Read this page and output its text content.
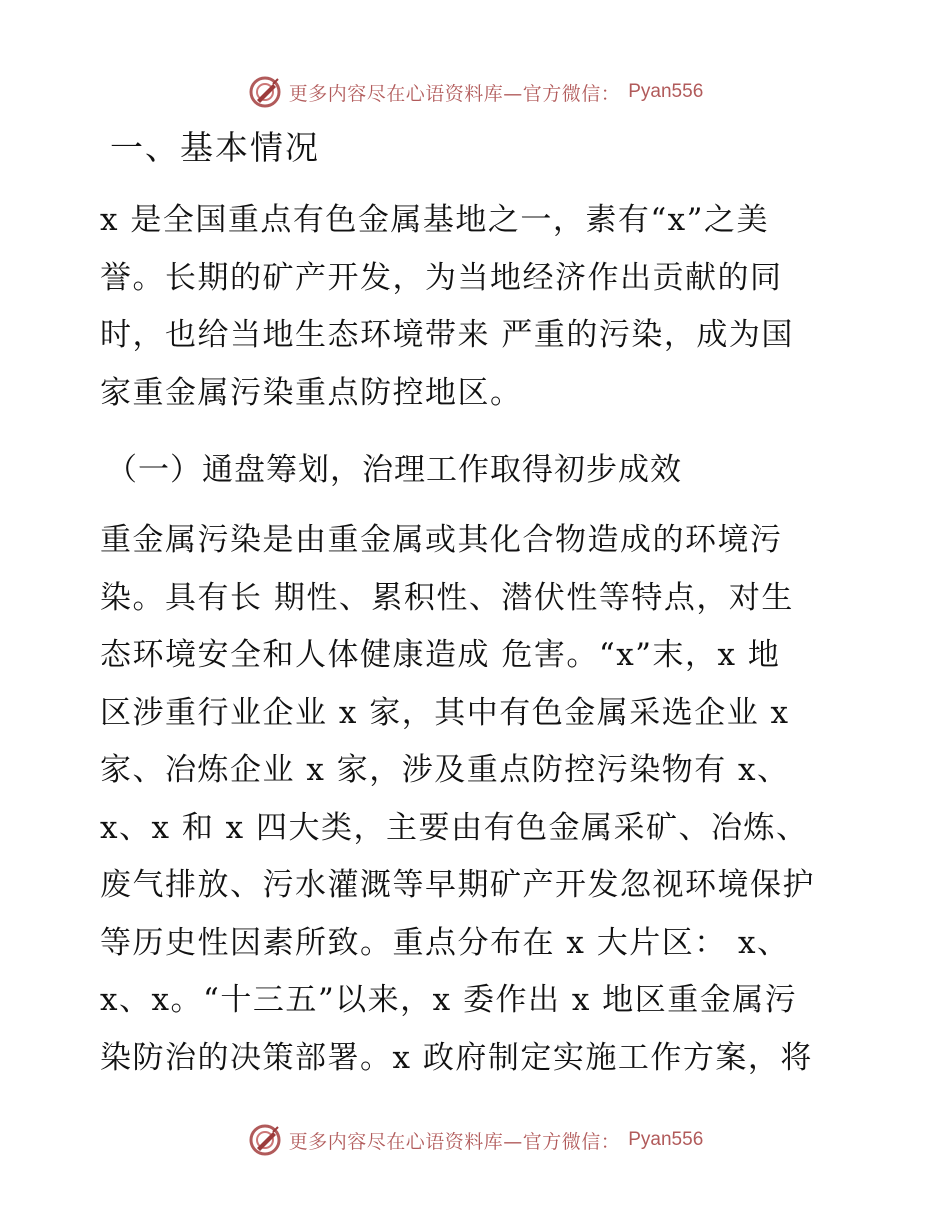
更多内容尽在心语资料库—官方微信： Pyan556
一、基本情况
x 是全国重点有色金属基地之一，素有“x”之美
誉。长期的矿产开发，为当地经济作出贡献的同
时，也给当地生态环境带来 严重的污染，成为国
家重金属污染重点防控地区。
（一）通盘筹划，治理工作取得初步成效
重金属污染是由重金属或其化合物造成的环境污
染。具有长 期性、累积性、潜伏性等特点，对生
态环境安全和人体健康造成 危害。“x”末，x 地
区涉重行业企业 x 家，其中有色金属采选企业 x
家、冶炼企业 x 家，涉及重点防控污染物有 x、
x、x 和 x 四大类，主要由有色金属采矿、冶炼、
废气排放、污水灌溉等早期矿产开发忽视环境保护
等历史性因素所致。重点分布在 x 大片区： x、
x、x。“十三五”以来，x 委作出 x 地区重金属污
染防治的决策部署。x 政府制定实施工作方案，将
更多内容尽在心语资料库—官方微信： Pyan556
